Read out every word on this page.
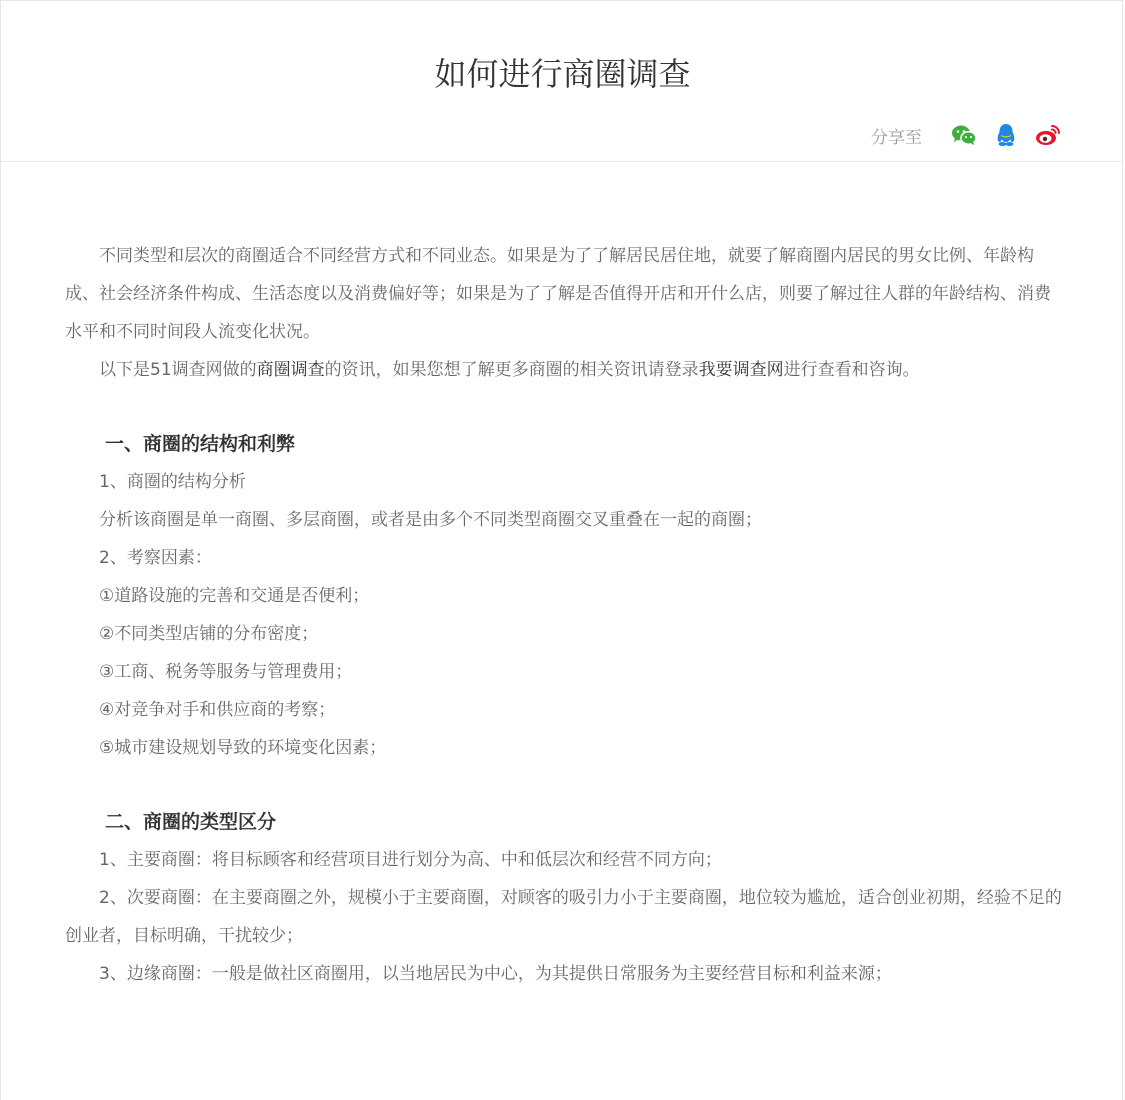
如何进行商圈调查
分享至

不同类型和层次的商圈适合不同经营方式和不同业态。如果是为了了解居民居住地，就要了解商圈内居民的男女比例、年龄构成、社会经济条件构成、生活态度以及消费偏好等；如果是为了了解是否值得开店和开什么店，则要了解过往人群的年龄结构、消费水平和不同时间段人流变化状况。

以下是51调查网做的商圈调查的资讯，如果您想了解更多商圈的相关资讯请登录我要调查网进行查看和咨询。

一、商圈的结构和利弊

1、商圈的结构分析

分析该商圈是单一商圈、多层商圈，或者是由多个不同类型商圈交叉重叠在一起的商圈；

2、考察因素：

①道路设施的完善和交通是否便利；

②不同类型店铺的分布密度；

③工商、税务等服务与管理费用；

④对竞争对手和供应商的考察；

⑤城市建设规划导致的环境变化因素；

二、商圈的类型区分

1、主要商圈：将目标顾客和经营项目进行划分为高、中和低层次和经营不同方向；

2、次要商圈：在主要商圈之外，规模小于主要商圈，对顾客的吸引力小于主要商圈，地位较为尴尬，适合创业初期，经验不足的创业者，目标明确，干扰较少；

3、边缘商圈：一般是做社区商圈用，以当地居民为中心，为其提供日常服务为主要经营目标和利益来源；
